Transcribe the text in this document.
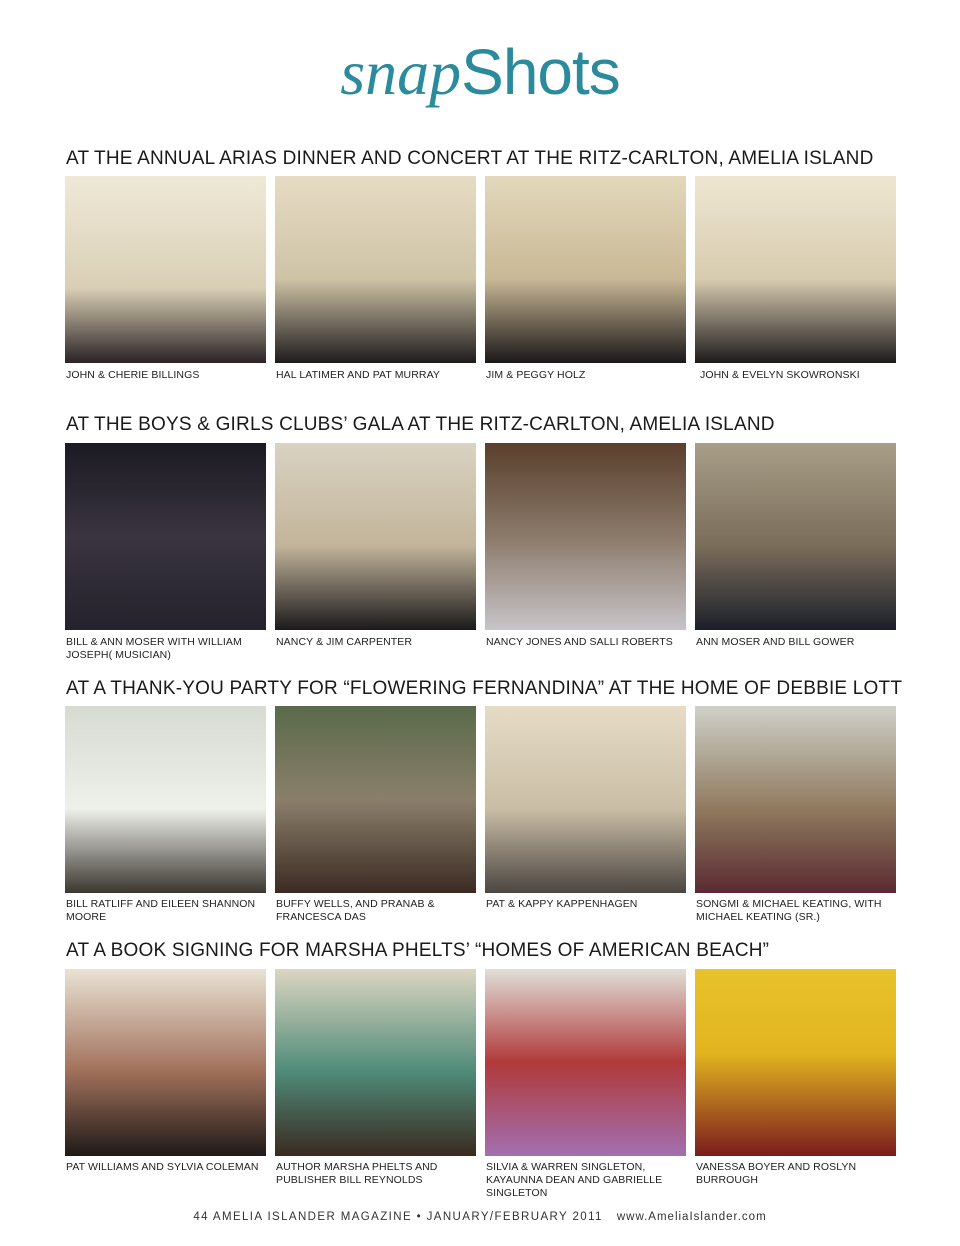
snapShots
AT THE ANNUAL ARIAS DINNER AND CONCERT AT THE RITZ-CARLTON, AMELIA ISLAND
JOHN & CHERIE BILLINGS	HAL LATIMER AND PAT MURRAY	JIM & PEGGY HOLZ	JOHN & EVELYN SKOWRONSKI
AT THE BOYS & GIRLS CLUBS’ GALA AT THE RITZ-CARLTON, AMELIA ISLAND
BILL & ANN MOSER WITH WILLIAM JOSEPH( MUSICIAN)
NANCY & JIM CARPENTER	NANCY JONES AND SALLI ROBERTS	ANN MOSER AND BILL GOWER
AT A THANK-YOU PARTY FOR “FLOWERING FERNANDINA” AT THE HOME OF DEBBIE LOTT
BILL RATLIFF AND EILEEN SHANNON MOORE
BUFFY WELLS, AND PRANAB & FRANCESCA DAS
PAT & KAPPY KAPPENHAGEN	SONGMI & MICHAEL KEATING, WITH MICHAEL KEATING (SR.)
AT A BOOK SIGNING FOR MARSHA PHELTS’ “HOMES OF AMERICAN BEACH”
PAT WILLIAMS AND SYLVIA COLEMAN	AUTHOR MARSHA PHELTS AND PUBLISHER BILL REYNOLDS
SILVIA & WARREN SINGLETON, KAYAUNNA DEAN AND GABRIELLE SINGLETON
VANESSA BOYER AND ROSLYN BURROUGH
44 AMELIA ISLANDER MAGAZINE • JANUARY/FEBRUARY 2011 www.AmeliaIslander.com
